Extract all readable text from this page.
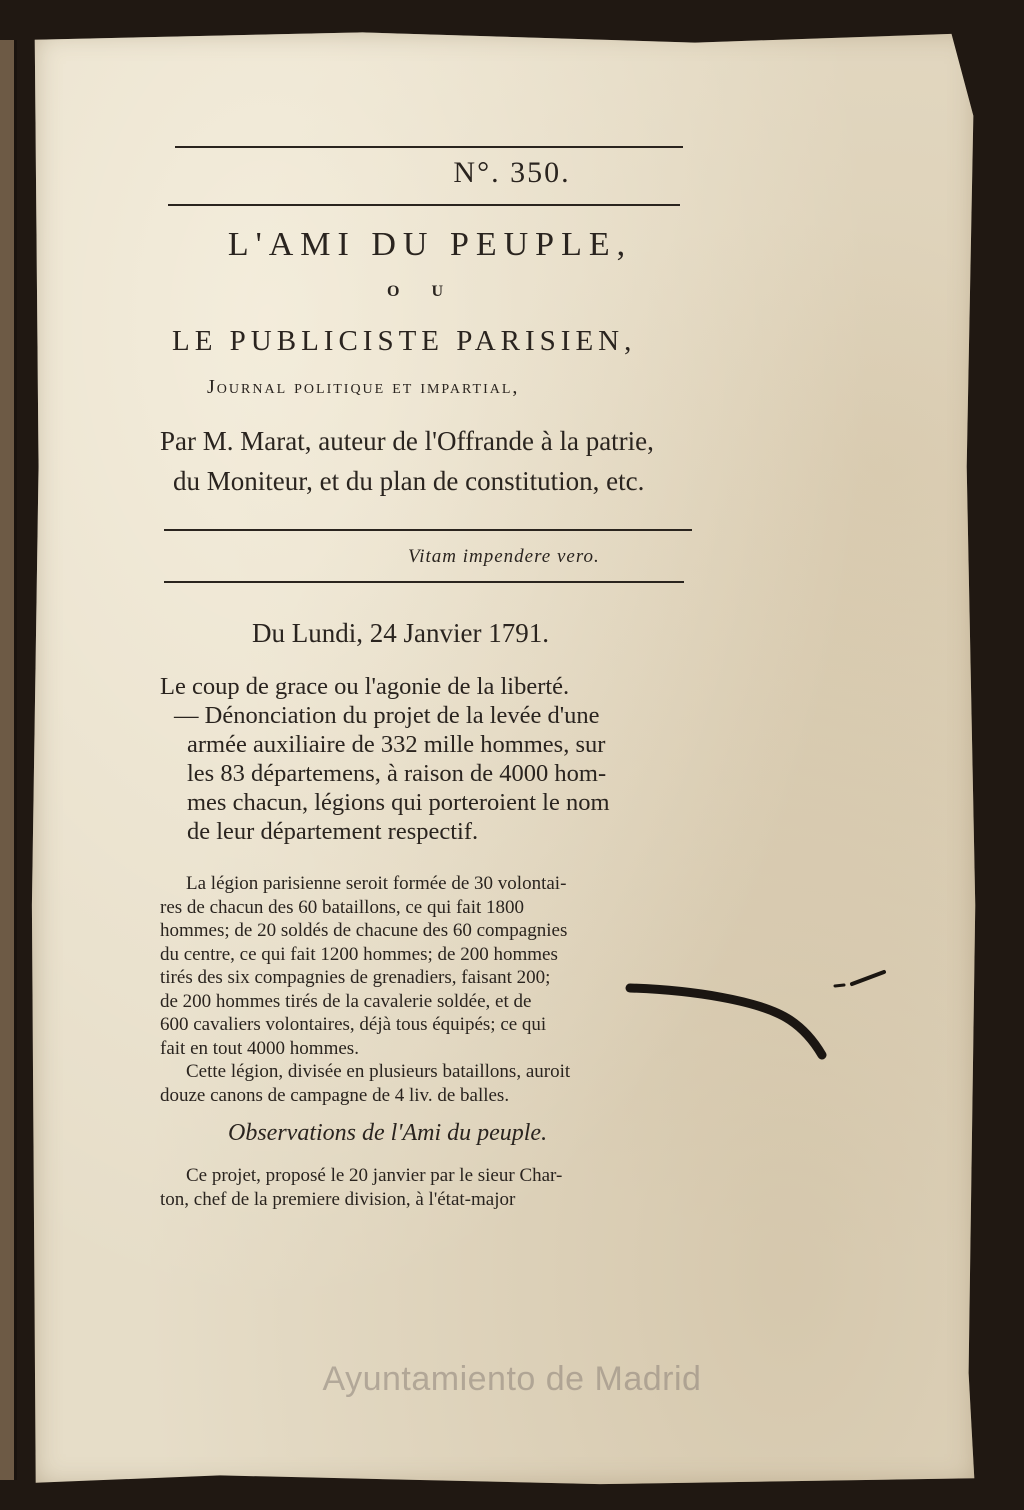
N°. 350.
L'AMI DU PEUPLE,
O U
LE PUBLICISTE PARISIEN,
Journal politique et impartial,
Par M. Marat, auteur de l'Offrande à la patrie,
du Moniteur, et du plan de constitution, etc.
Vitam impendere vero.
Du Lundi, 24 Janvier 1791.
Le coup de grace ou l'agonie de la liberté.
— Dénonciation du projet de la levée d'une
armée auxiliaire de 332 mille hommes, sur
les 83 départemens, à raison de 4000 hom-
mes chacun, légions qui porteroient le nom
de leur département respectif.
La légion parisienne seroit formée de 30 volontai-
res de chacun des 60 bataillons, ce qui fait 1800
hommes; de 20 soldés de chacune des 60 compagnies
du centre, ce qui fait 1200 hommes; de 200 hommes
tirés des six compagnies de grenadiers, faisant 200;
de 200 hommes tirés de la cavalerie soldée, et de
600 cavaliers volontaires, déjà tous équipés; ce qui
fait en tout 4000 hommes.
Cette légion, divisée en plusieurs bataillons, auroit
douze canons de campagne de 4 liv. de balles.
Observations de l'Ami du peuple.
Ce projet, proposé le 20 janvier par le sieur Char-
ton, chef de la premiere division, à l'état-major
Ayuntamiento de Madrid
